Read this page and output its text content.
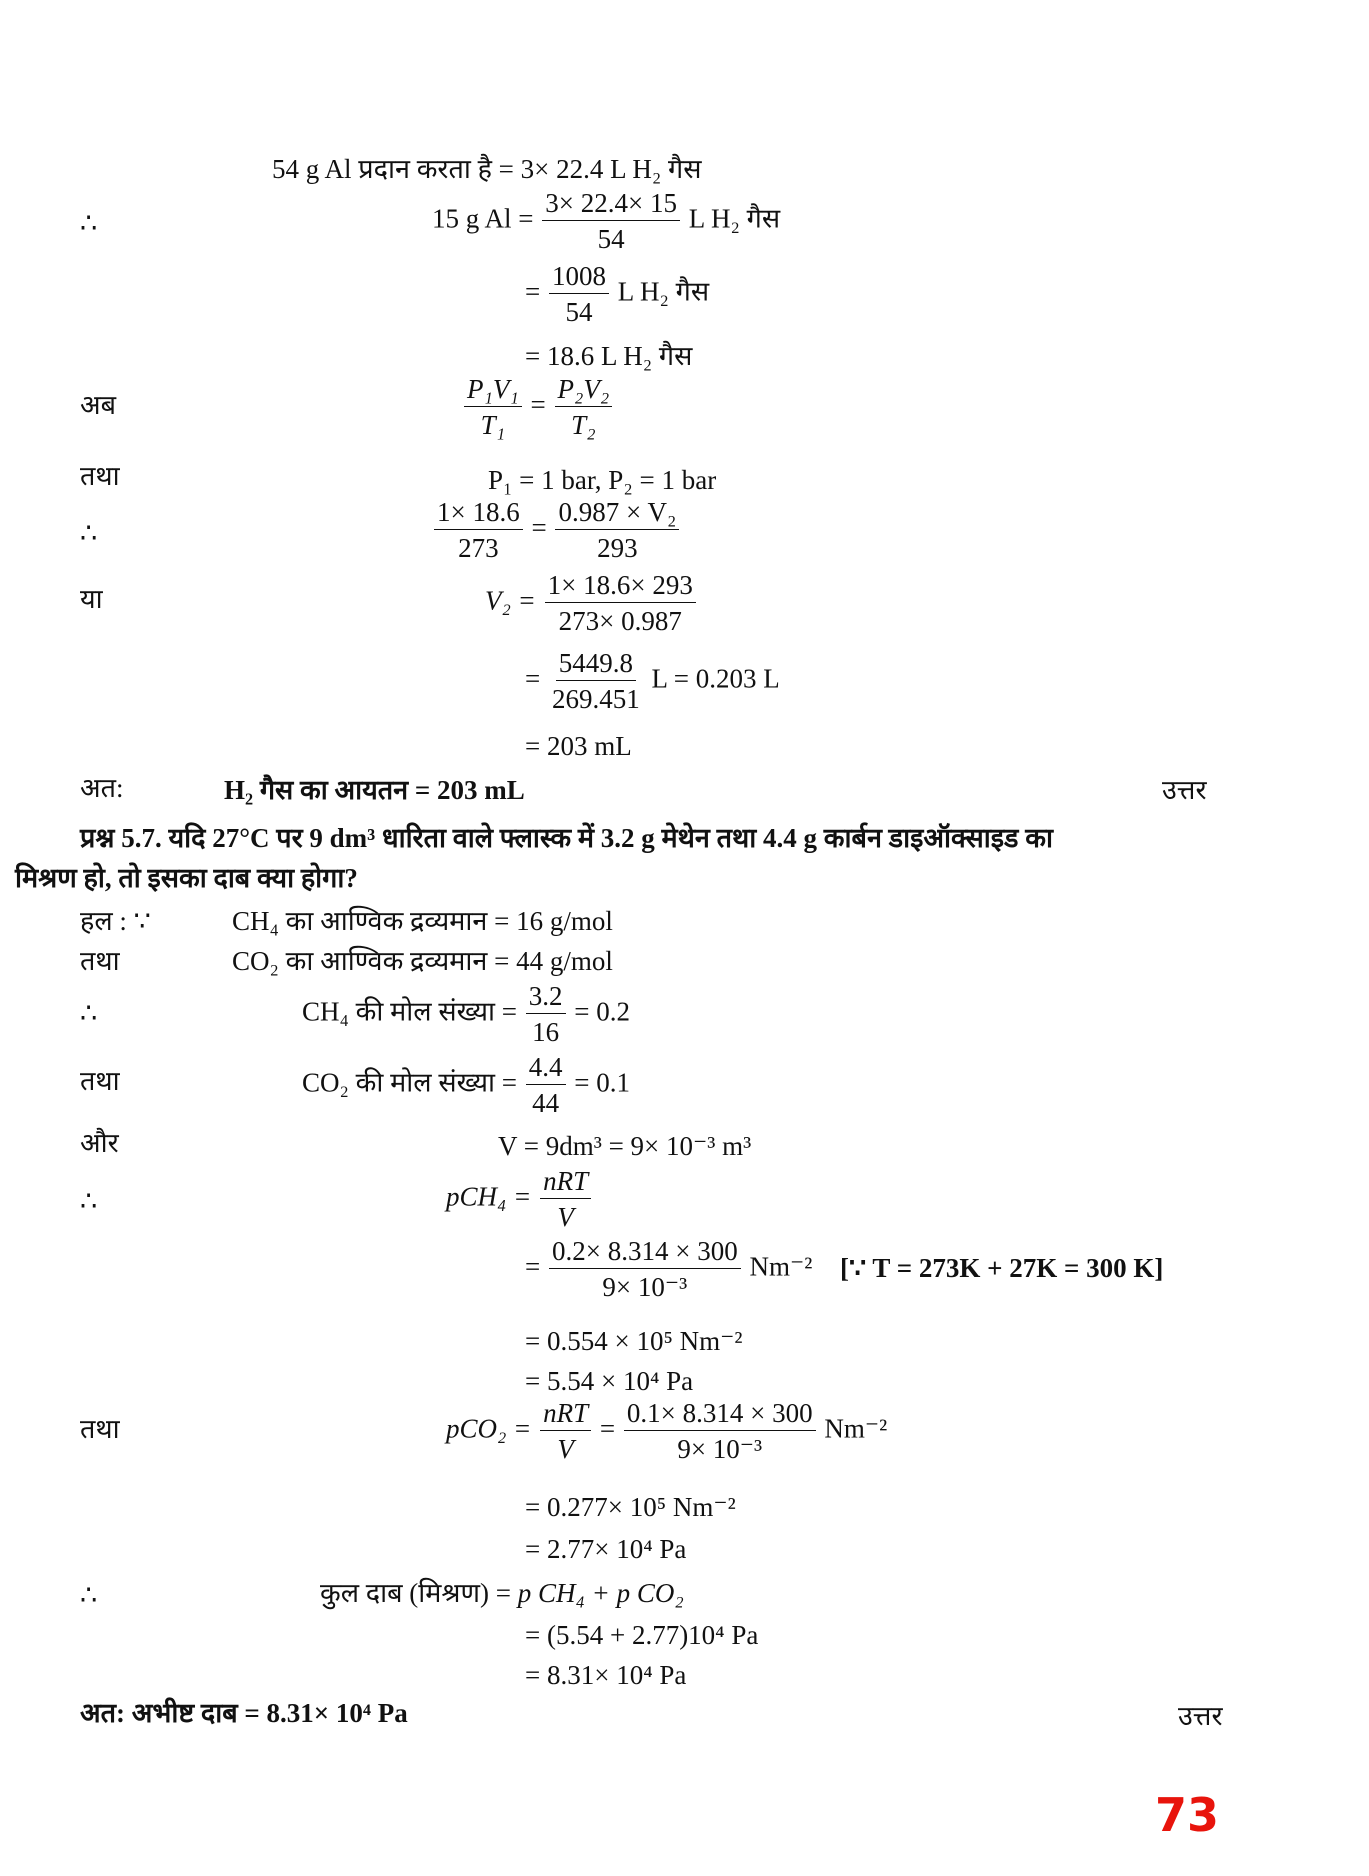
54 g Al प्रदान करता है = 3× 22.4 L H₂ गैस
∴	15 g $Al = \frac{3\times 22.4\times 15}{54}$ L H₂ गैस
= $\frac{1008}{54}$ L H₂ गैस
= 18.6 L H₂ गैस
अब	$\frac{\text{P₁V₁}}{\text{T₁}} = \frac{\text{P₂V₂}}{\text{T₂}}$
तथा	P₁ = 1 bar, P₂ = 1 bar
∴	$\frac{1\times 18.6}{273} = \frac{\text{0.987 × V₂}}{293}$
या	$V_2 = \frac{1\times 18.6\times 293}{273\times 0.987}$
= $\frac{5449.8}{269.451}$ L = 0.203 L
= 203 mL
अत:	H₂ गैस का आयतन = 203 mL	उत्तर
प्रश्न 5.7. यदि 27°C पर 9 dm³ धारिता वाले फ्लास्क में 3.2 g मेथेन तथा 4.4 g कार्बन डाइऑक्साइड का
मिश्रण हो, तो इसका दाब क्या होगा?
हल : ∵	CH₄ का आण्विक द्रव्यमान = 16 g/mol
तथा	CO₂ का आण्विक द्रव्यमान = 44 g/mol
∴	CH₄ की मोल संख्या = $\frac{3.2}{16} = 0.2$
तथा	CO₂ की मोल संख्या = $\frac{4.4}{44} = 0.1$
और	V = 9dm³ = 9× 10⁻³ m³
∴	$pCH_4 = \frac{\text{nRT}}{V}$
= $\frac{0.2\times 8.314 \times 300}{\text{9× 10⁻³}} Nm^{-2}$ [∵ T = 273K + 27K = 300 K]
= 0.554 × 10⁵ Nm⁻²
= 5.54 × 10⁴ Pa
तथा	$pCO_2 = \frac{\text{nRT}}{V} = \frac{0.1\times 8.314 \times 300}{\text{9× 10⁻³}} Nm^{-2}$
= 0.277× 10⁵ Nm⁻²
= 2.77× 10⁴ Pa
∴	कुल दाब (मिश्रण) = p CH₄ + p CO₂
= (5.54 + 2.77)10⁴ Pa
= 8.31× 10⁴ Pa
अत: अभीष्ट दाब = 8.31× 10⁴ Pa	उत्तर
73
